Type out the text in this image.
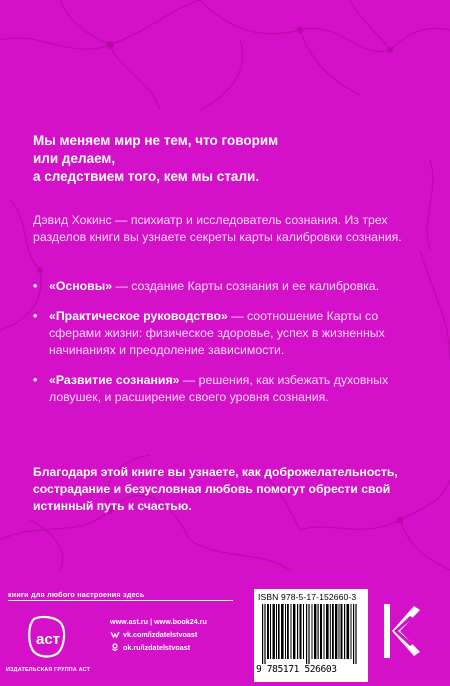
Мы меняем мир не тем, что говорим
или делаем,
а следствием того, кем мы стали.
Дэвид Хокинс — психиатр и исследователь сознания. Из трех разделов книги вы узнаете секреты карты калибровки сознания.
• «Основы» — создание Карты сознания и ее калибровка.
• «Практическое руководство» — соотношение Карты со сферами жизни: физическое здоровье, успех в жизненных начинаниях и преодоление зависимости.
• «Развитие сознания» — решения, как избежать духовных ловушек, и расширение своего уровня сознания.
Благодаря этой книге вы узнаете, как доброжелательность, сострадание и безусловная любовь помогут обрести свой истинный путь к счастью.
книги для любого настроения здесь
аст
ИЗДАТЕЛЬСКАЯ ГРУППА АСТ
www.ast.ru | www.book24.ru
vk.com/izdatelstvoast
ok.ru/izdatelstvoast
ISBN 978-5-17-152660-3
9 785171 526603
